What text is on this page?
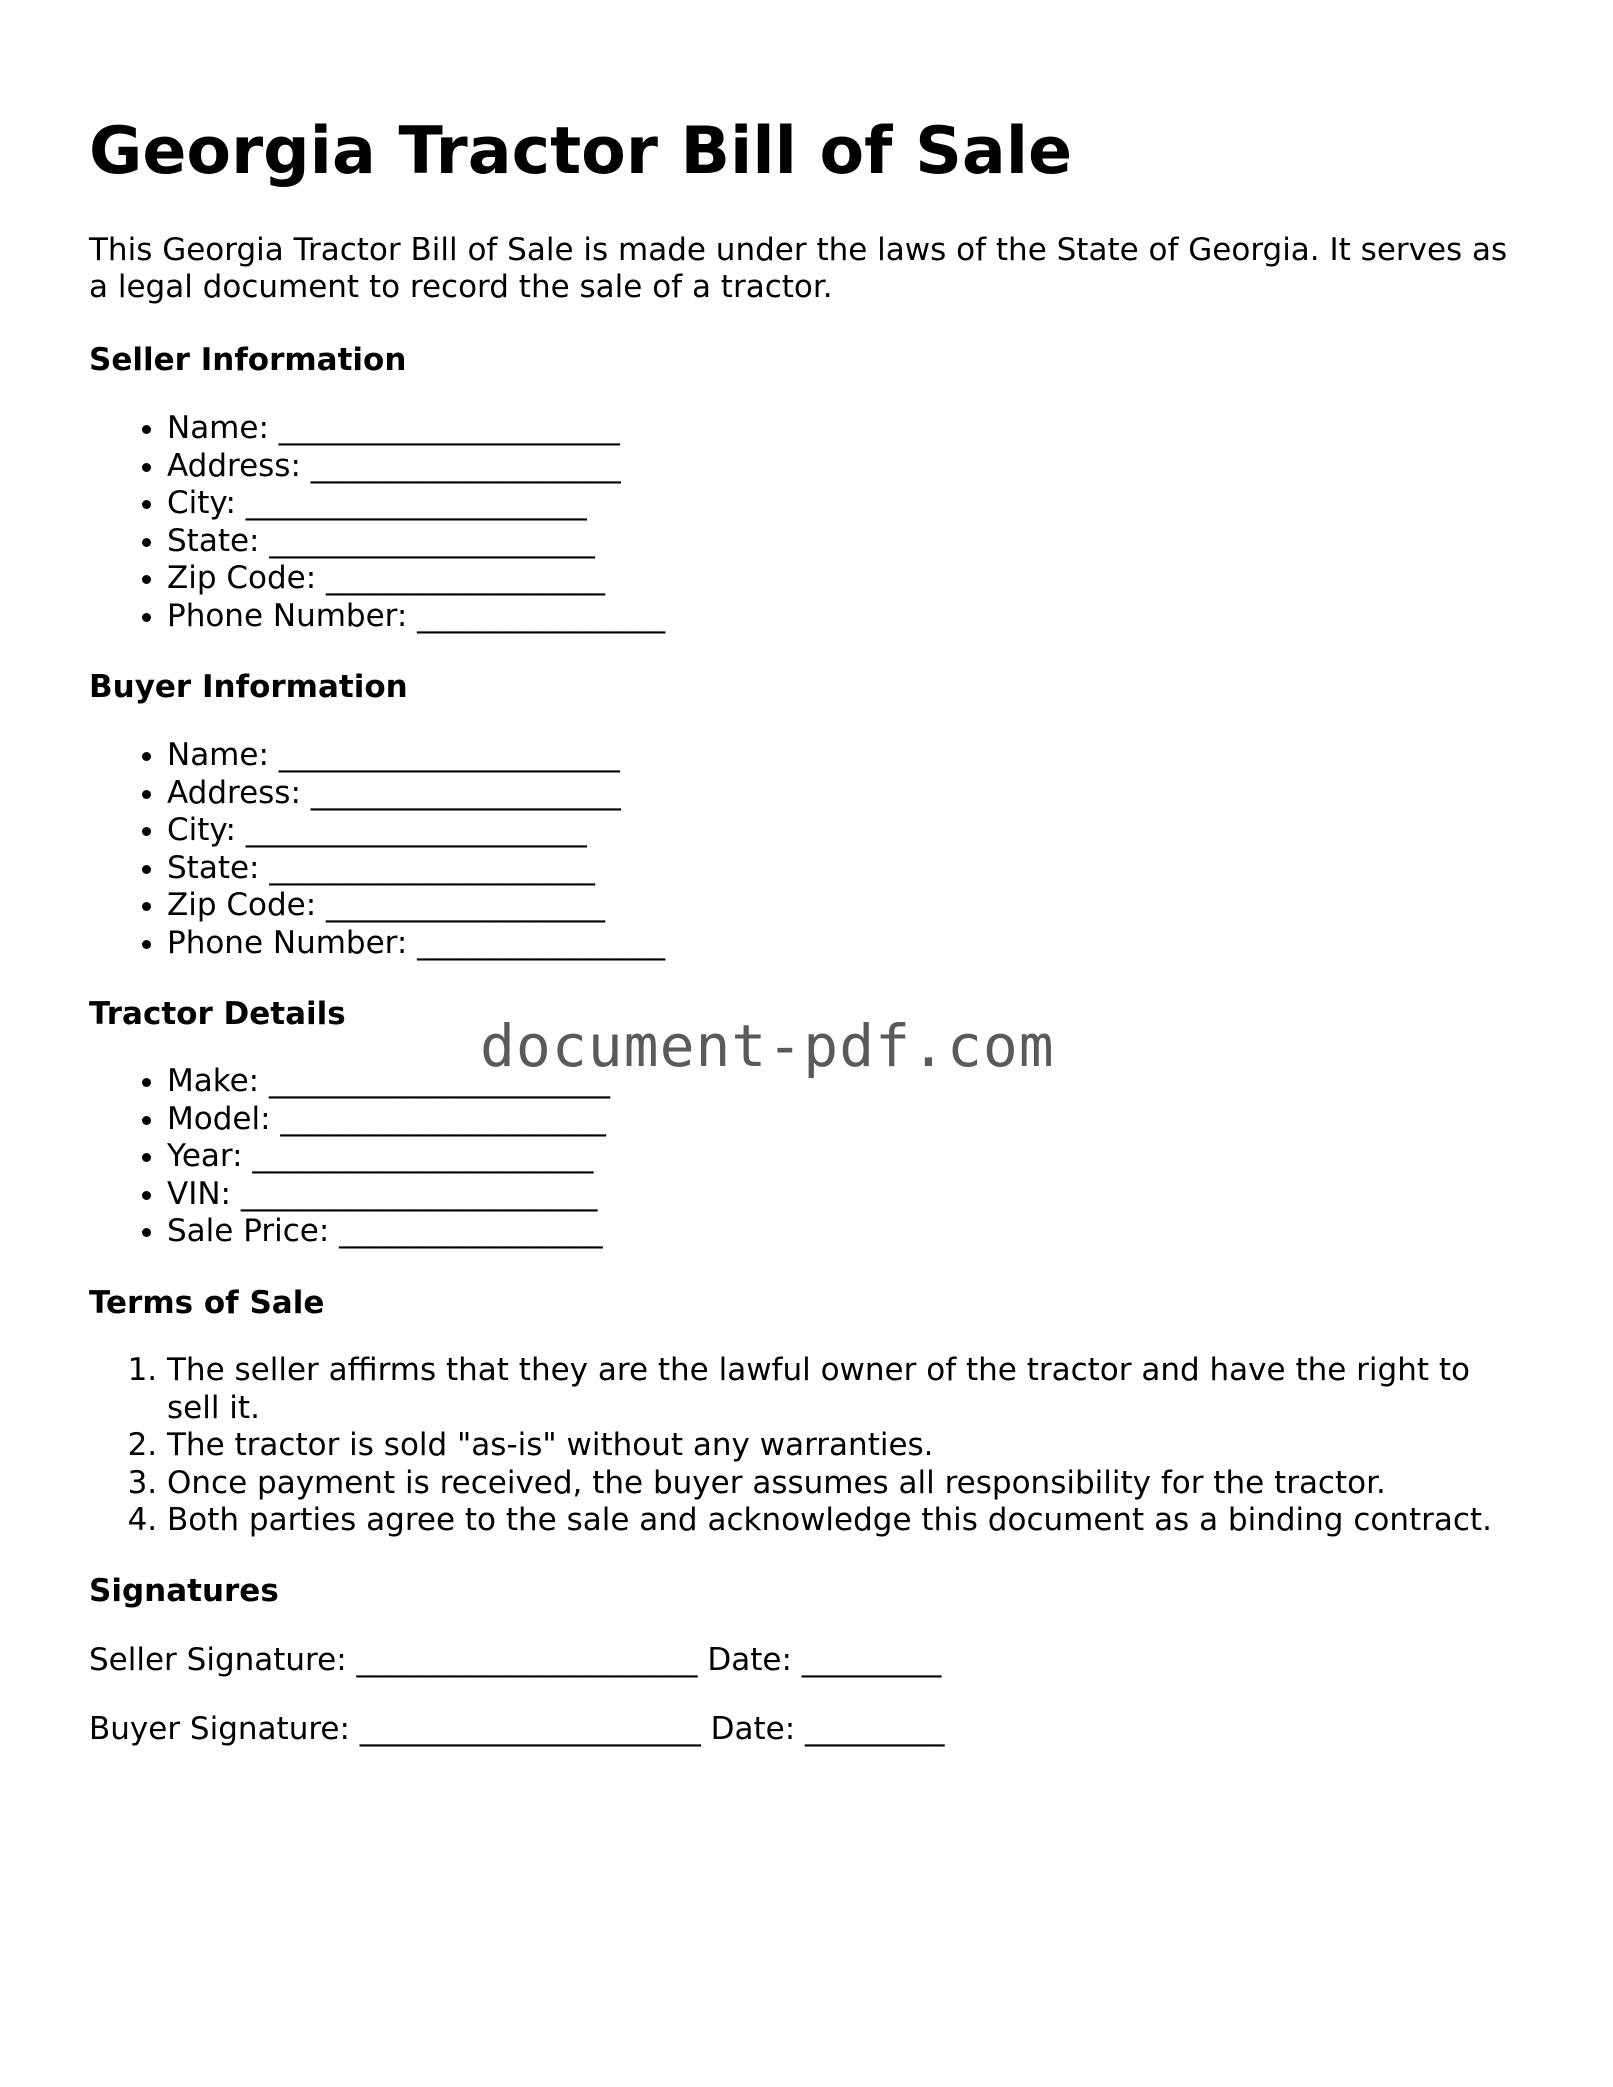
Georgia Tractor Bill of Sale

This Georgia Tractor Bill of Sale is made under the laws of the State of Georgia. It serves as a legal document to record the sale of a tractor.

Seller Information
• Name: ______________________
• Address: ____________________
• City: ______________________
• State: _____________________
• Zip Code: __________________
• Phone Number: ________________
Buyer Information
• Name: ______________________
• Address: ____________________
• City: ______________________
• State: _____________________
• Zip Code: __________________
• Phone Number: ________________
Tractor Details
• Make: ______________________
• Model: _____________________
• Year: ______________________
• VIN: _______________________
• Sale Price: _________________
Terms of Sale
1. The seller affirms that they are the lawful owner of the tractor and have the right to sell it.
2. The tractor is sold "as-is" without any warranties.
3. Once payment is received, the buyer assumes all responsibility for the tractor.
4. Both parties agree to the sale and acknowledge this document as a binding contract.
Signatures

Seller Signature: ______________________ Date: _________

Buyer Signature: ______________________ Date: _________

document-pdf.com
